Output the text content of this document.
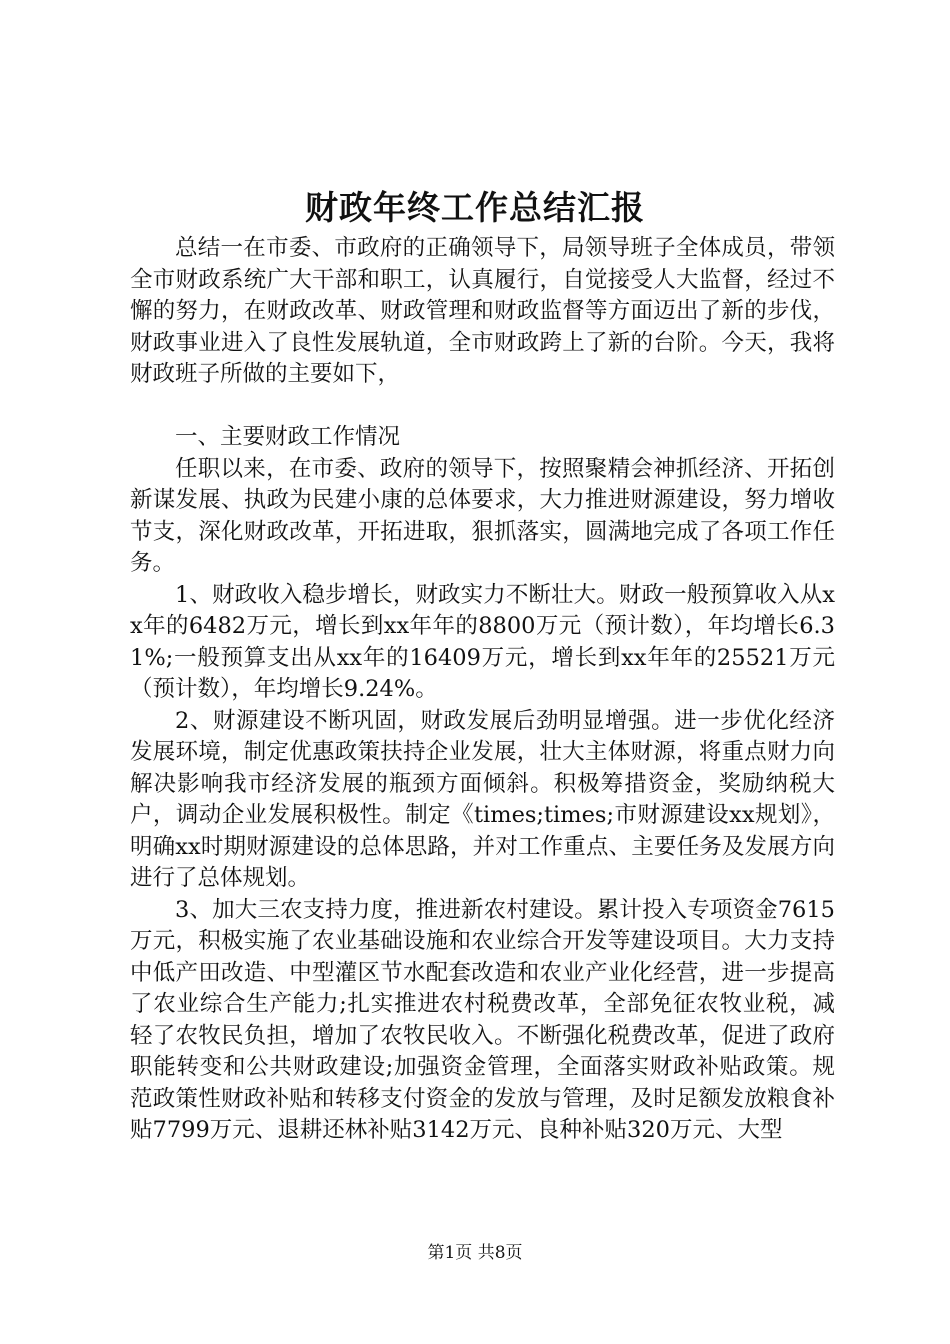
财政年终工作总结汇报

总结一在市委、市政府的正确领导下，局领导班子全体成员，带领全市财政系统广大干部和职工，认真履行，自觉接受人大监督，经过不懈的努力，在财政改革、财政管理和财政监督等方面迈出了新的步伐，财政事业进入了良性发展轨道，全市财政跨上了新的台阶。今天，我将财政班子所做的主要如下，

一、主要财政工作情况

任职以来，在市委、政府的领导下，按照聚精会神抓经济、开拓创新谋发展、执政为民建小康的总体要求，大力推进财源建设，努力增收节支，深化财政改革，开拓进取，狠抓落实，圆满地完成了各项工作任务。

1、财政收入稳步增长，财政实力不断壮大。财政一般预算收入从xx年的6482万元，增长到xx年年的8800万元（预计数），年均增长6.31%;一般预算支出从xx年的16409万元，增长到xx年年的25521万元（预计数），年均增长9.24%。

2、财源建设不断巩固，财政发展后劲明显增强。进一步优化经济发展环境，制定优惠政策扶持企业发展，壮大主体财源，将重点财力向解决影响我市经济发展的瓶颈方面倾斜。积极筹措资金，奖励纳税大户，调动企业发展积极性。制定《times;times;市财源建设xx规划》，明确xx时期财源建设的总体思路，并对工作重点、主要任务及发展方向进行了总体规划。

3、加大三农支持力度，推进新农村建设。累计投入专项资金7615万元，积极实施了农业基础设施和农业综合开发等建设项目。大力支持中低产田改造、中型灌区节水配套改造和农业产业化经营，进一步提高了农业综合生产能力;扎实推进农村税费改革，全部免征农牧业税，减轻了农牧民负担，增加了农牧民收入。不断强化税费改革，促进了政府职能转变和公共财政建设;加强资金管理，全面落实财政补贴政策。规范政策性财政补贴和转移支付资金的发放与管理，及时足额发放粮食补贴7799万元、退耕还林补贴3142万元、良种补贴320万元、大型

第1页 共8页
